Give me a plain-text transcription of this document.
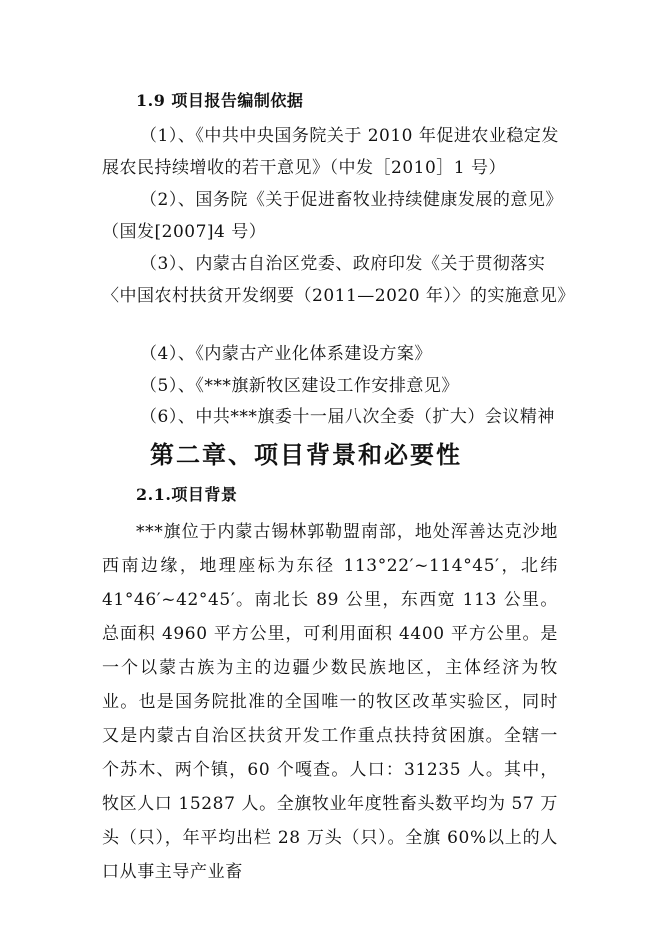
1.9 项目报告编制依据
（1）、《中共中央国务院关于 2010 年促进农业稳定发
展农民持续增收的若干意见》（中发［2010］1 号）
（2）、国务院《关于促进畜牧业持续健康发展的意见》
（国发[2007]4 号）
（3）、内蒙古自治区党委、政府印发《关于贯彻落实
〈中国农村扶贫开发纲要（2011—2020 年）〉的实施意见》
（4）、《内蒙古产业化体系建设方案》
（5）、《***旗新牧区建设工作安排意见》
（6）、中共***旗委十一届八次全委（扩大）会议精神
第二章、项目背景和必要性
2.1.项目背景
***旗位于内蒙古锡林郭勒盟南部，地处浑善达克沙地西南边缘，地理座标为东径 113°22′~114°45′，北纬 41°46′~42°45′。南北长 89 公里，东西宽 113 公里。总面积 4960 平方公里，可利用面积 4400 平方公里。是一个以蒙古族为主的边疆少数民族地区，主体经济为牧业。也是国务院批准的全国唯一的牧区改革实验区，同时又是内蒙古自治区扶贫开发工作重点扶持贫困旗。全辖一个苏木、两个镇，60 个嘎查。人口：31235 人。其中，牧区人口 15287 人。全旗牧业年度牲畜头数平均为 57 万头（只），年平均出栏 28 万头（只）。全旗 60%以上的人口从事主导产业畜
